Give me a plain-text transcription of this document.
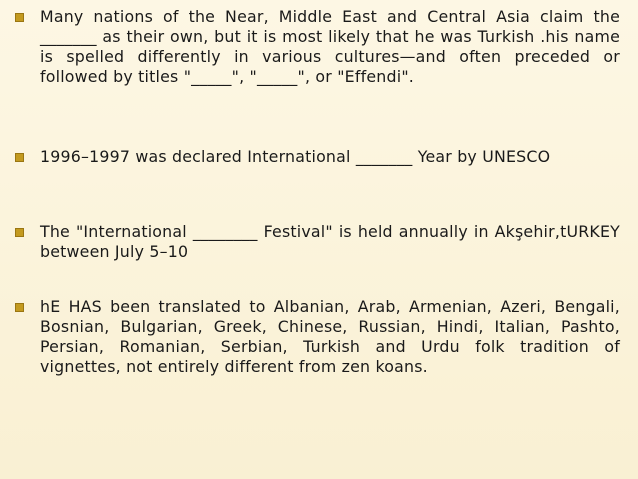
Many nations of the Near, Middle East and Central Asia claim the _______ as their own, but it is most likely that he was Turkish .his name is spelled differently in various cultures—and often preceded or followed by titles "_____", "_____", or "Effendi".
1996–1997 was declared International _______ Year by UNESCO
The "International ________ Festival" is held annually in Akşehir,tURKEY between July 5–10
hE HAS been translated to Albanian, Arab, Armenian, Azeri, Bengali, Bosnian, Bulgarian, Greek, Chinese, Russian, Hindi, Italian, Pashto, Persian, Romanian, Serbian, Turkish and Urdu folk tradition of vignettes, not entirely different from zen koans.
